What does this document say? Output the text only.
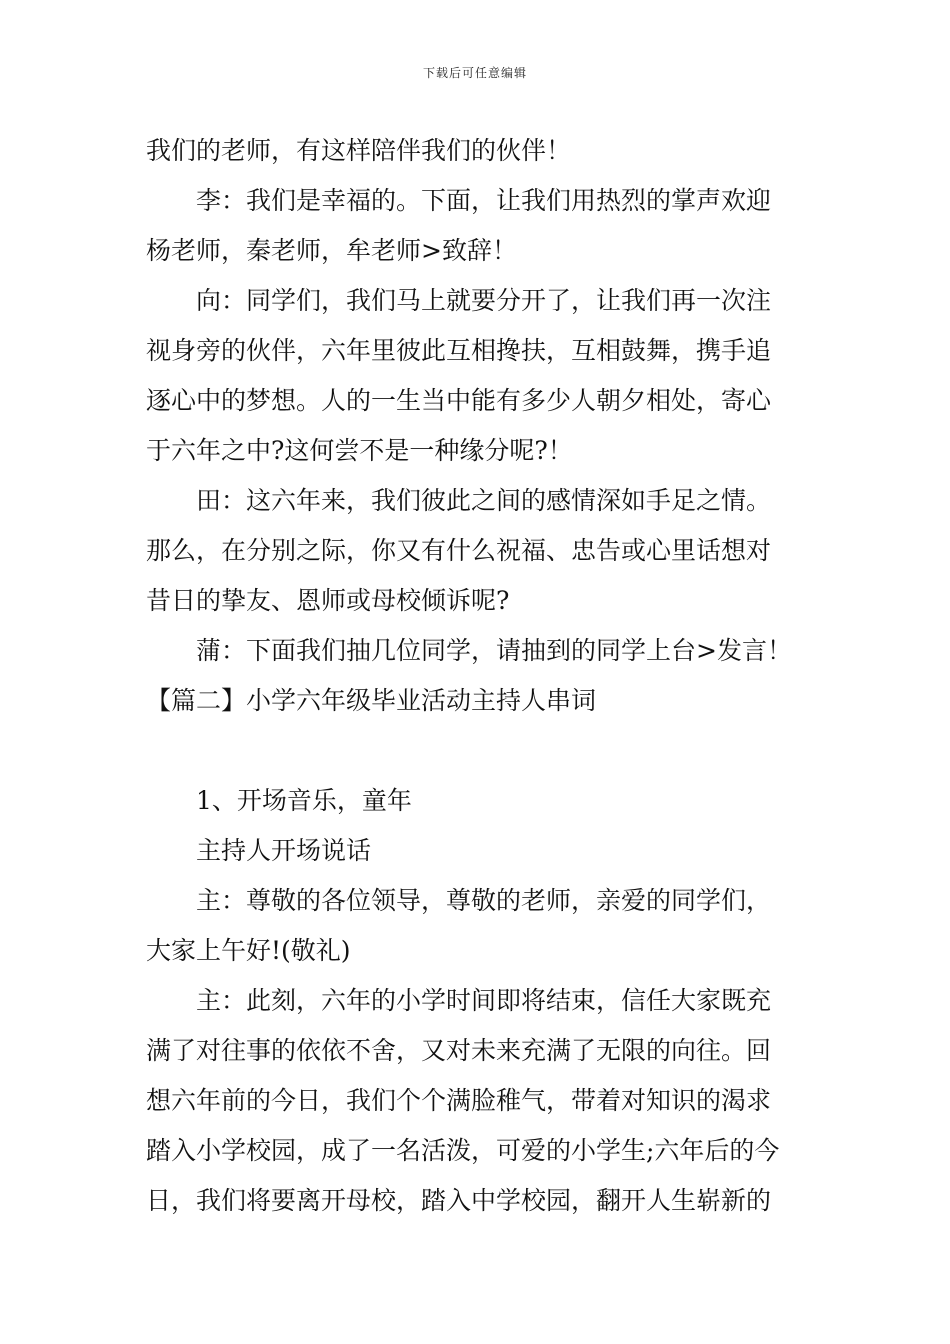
下载后可任意编辑
我们的老师，有这样陪伴我们的伙伴！
李：我们是幸福的。下面，让我们用热烈的掌声欢迎
杨老师，秦老师，牟老师>致辞！
向：同学们，我们马上就要分开了，让我们再一次注
视身旁的伙伴，六年里彼此互相搀扶，互相鼓舞，携手追
逐心中的梦想。人的一生当中能有多少人朝夕相处，寄心
于六年之中?这何尝不是一种缘分呢?！
田：这六年来，我们彼此之间的感情深如手足之情。
那么，在分别之际，你又有什么祝福、忠告或心里话想对
昔日的挚友、恩师或母校倾诉呢?
蒲：下面我们抽几位同学，请抽到的同学上台>发言！
【篇二】小学六年级毕业活动主持人串词
1、开场音乐，童年
主持人开场说话
主：尊敬的各位领导，尊敬的老师，亲爱的同学们，
大家上午好!(敬礼)
主：此刻，六年的小学时间即将结束，信任大家既充
满了对往事的依依不舍，又对未来充满了无限的向往。回
想六年前的今日，我们个个满脸稚气，带着对知识的渴求
踏入小学校园，成了一名活泼，可爱的小学生;六年后的今
日，我们将要离开母校，踏入中学校园，翻开人生崭新的
